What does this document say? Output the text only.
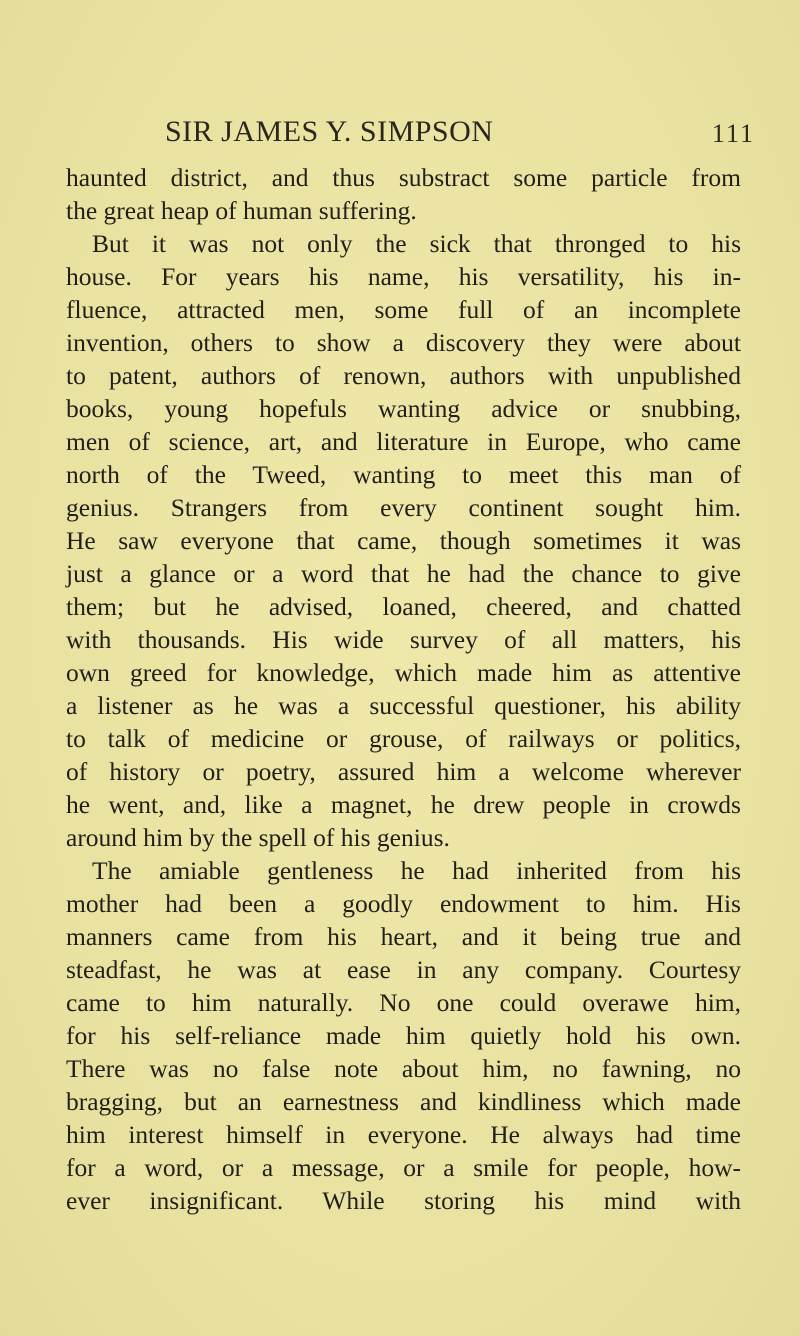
SIR JAMES Y. SIMPSON	111
haunted district, and thus substract some particle from
the great heap of human suffering.
But it was not only the sick that thronged to his
house. For years his name, his versatility, his in-
fluence, attracted men, some full of an incomplete
invention, others to show a discovery they were about
to patent, authors of renown, authors with unpublished
books, young hopefuls wanting advice or snubbing,
men of science, art, and literature in Europe, who came
north of the Tweed, wanting to meet this man of
genius. Strangers from every continent sought him.
He saw everyone that came, though sometimes it was
just a glance or a word that he had the chance to give
them; but he advised, loaned, cheered, and chatted
with thousands. His wide survey of all matters, his
own greed for knowledge, which made him as attentive
a listener as he was a successful questioner, his ability
to talk of medicine or grouse, of railways or politics,
of history or poetry, assured him a welcome wherever
he went, and, like a magnet, he drew people in crowds
around him by the spell of his genius.
The amiable gentleness he had inherited from his
mother had been a goodly endowment to him. His
manners came from his heart, and it being true and
steadfast, he was at ease in any company. Courtesy
came to him naturally. No one could overawe him,
for his self-reliance made him quietly hold his own.
There was no false note about him, no fawning, no
bragging, but an earnestness and kindliness which made
him interest himself in everyone. He always had time
for a word, or a message, or a smile for people, how-
ever insignificant. While storing his mind with
